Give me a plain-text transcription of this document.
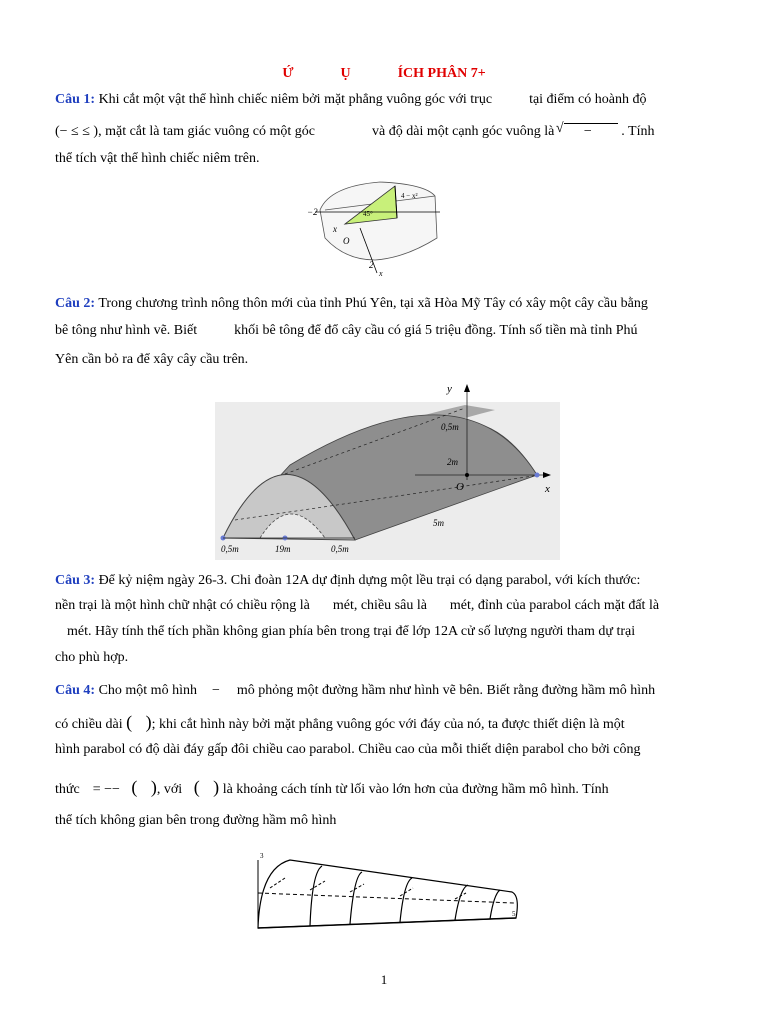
Ứ	Ụ	ÍCH PHÂN 7+
Câu 1: Khi cắt một vật thể hình chiếc niêm bởi mặt phẳng vuông góc với trục	tại điểm có hoành độ
(− ≤ ≤ ), mặt cắt là tam giác vuông có một góc	và độ dài một cạnh góc vuông là √ − . Tính
thể tích vật thể hình chiếc niêm trên.
−2
x
O
2
x
4 − x²
45°
Câu 2: Trong chương trình nông thôn mới của tỉnh Phú Yên, tại xã Hòa Mỹ Tây có xây một cây cầu bằng
bê tông như hình vẽ. Biết	khối bê tông để đổ cây cầu có giá 5 triệu đồng. Tính số tiền mà tỉnh Phú
Yên cần bỏ ra để xây cây cầu trên.
y
0,5m
2m
O	x
5m
0,5m	19m	0,5m
Câu 3: Để kỷ niệm ngày 26-3. Chi đoàn 12A dự định dựng một lều trại có dạng parabol, với kích thước:
nền trại là một hình chữ nhật có chiều rộng là mét, chiều sâu là mét, đỉnh của parabol cách mặt đất là
mét. Hãy tính thể tích phần không gian phía bên trong trại để lớp 12A cử số lượng người tham dự trại
cho phù hợp.
Câu 4: Cho một mô hình − mô phỏng một đường hầm như hình vẽ bên. Biết rằng đường hầm mô hình
có chiều dài (   ); khi cắt hình này bởi mặt phẳng vuông góc với đáy của nó, ta được thiết diện là một
hình parabol có độ dài đáy gấp đôi chiều cao parabol. Chiều cao của mỗi thiết diện parabol cho bởi công
thức = −− (   ), với (   ) là khoảng cách tính từ lối vào lớn hơn của đường hầm mô hình. Tính
thể tích không gian bên trong đường hầm mô hình
3
5
1
